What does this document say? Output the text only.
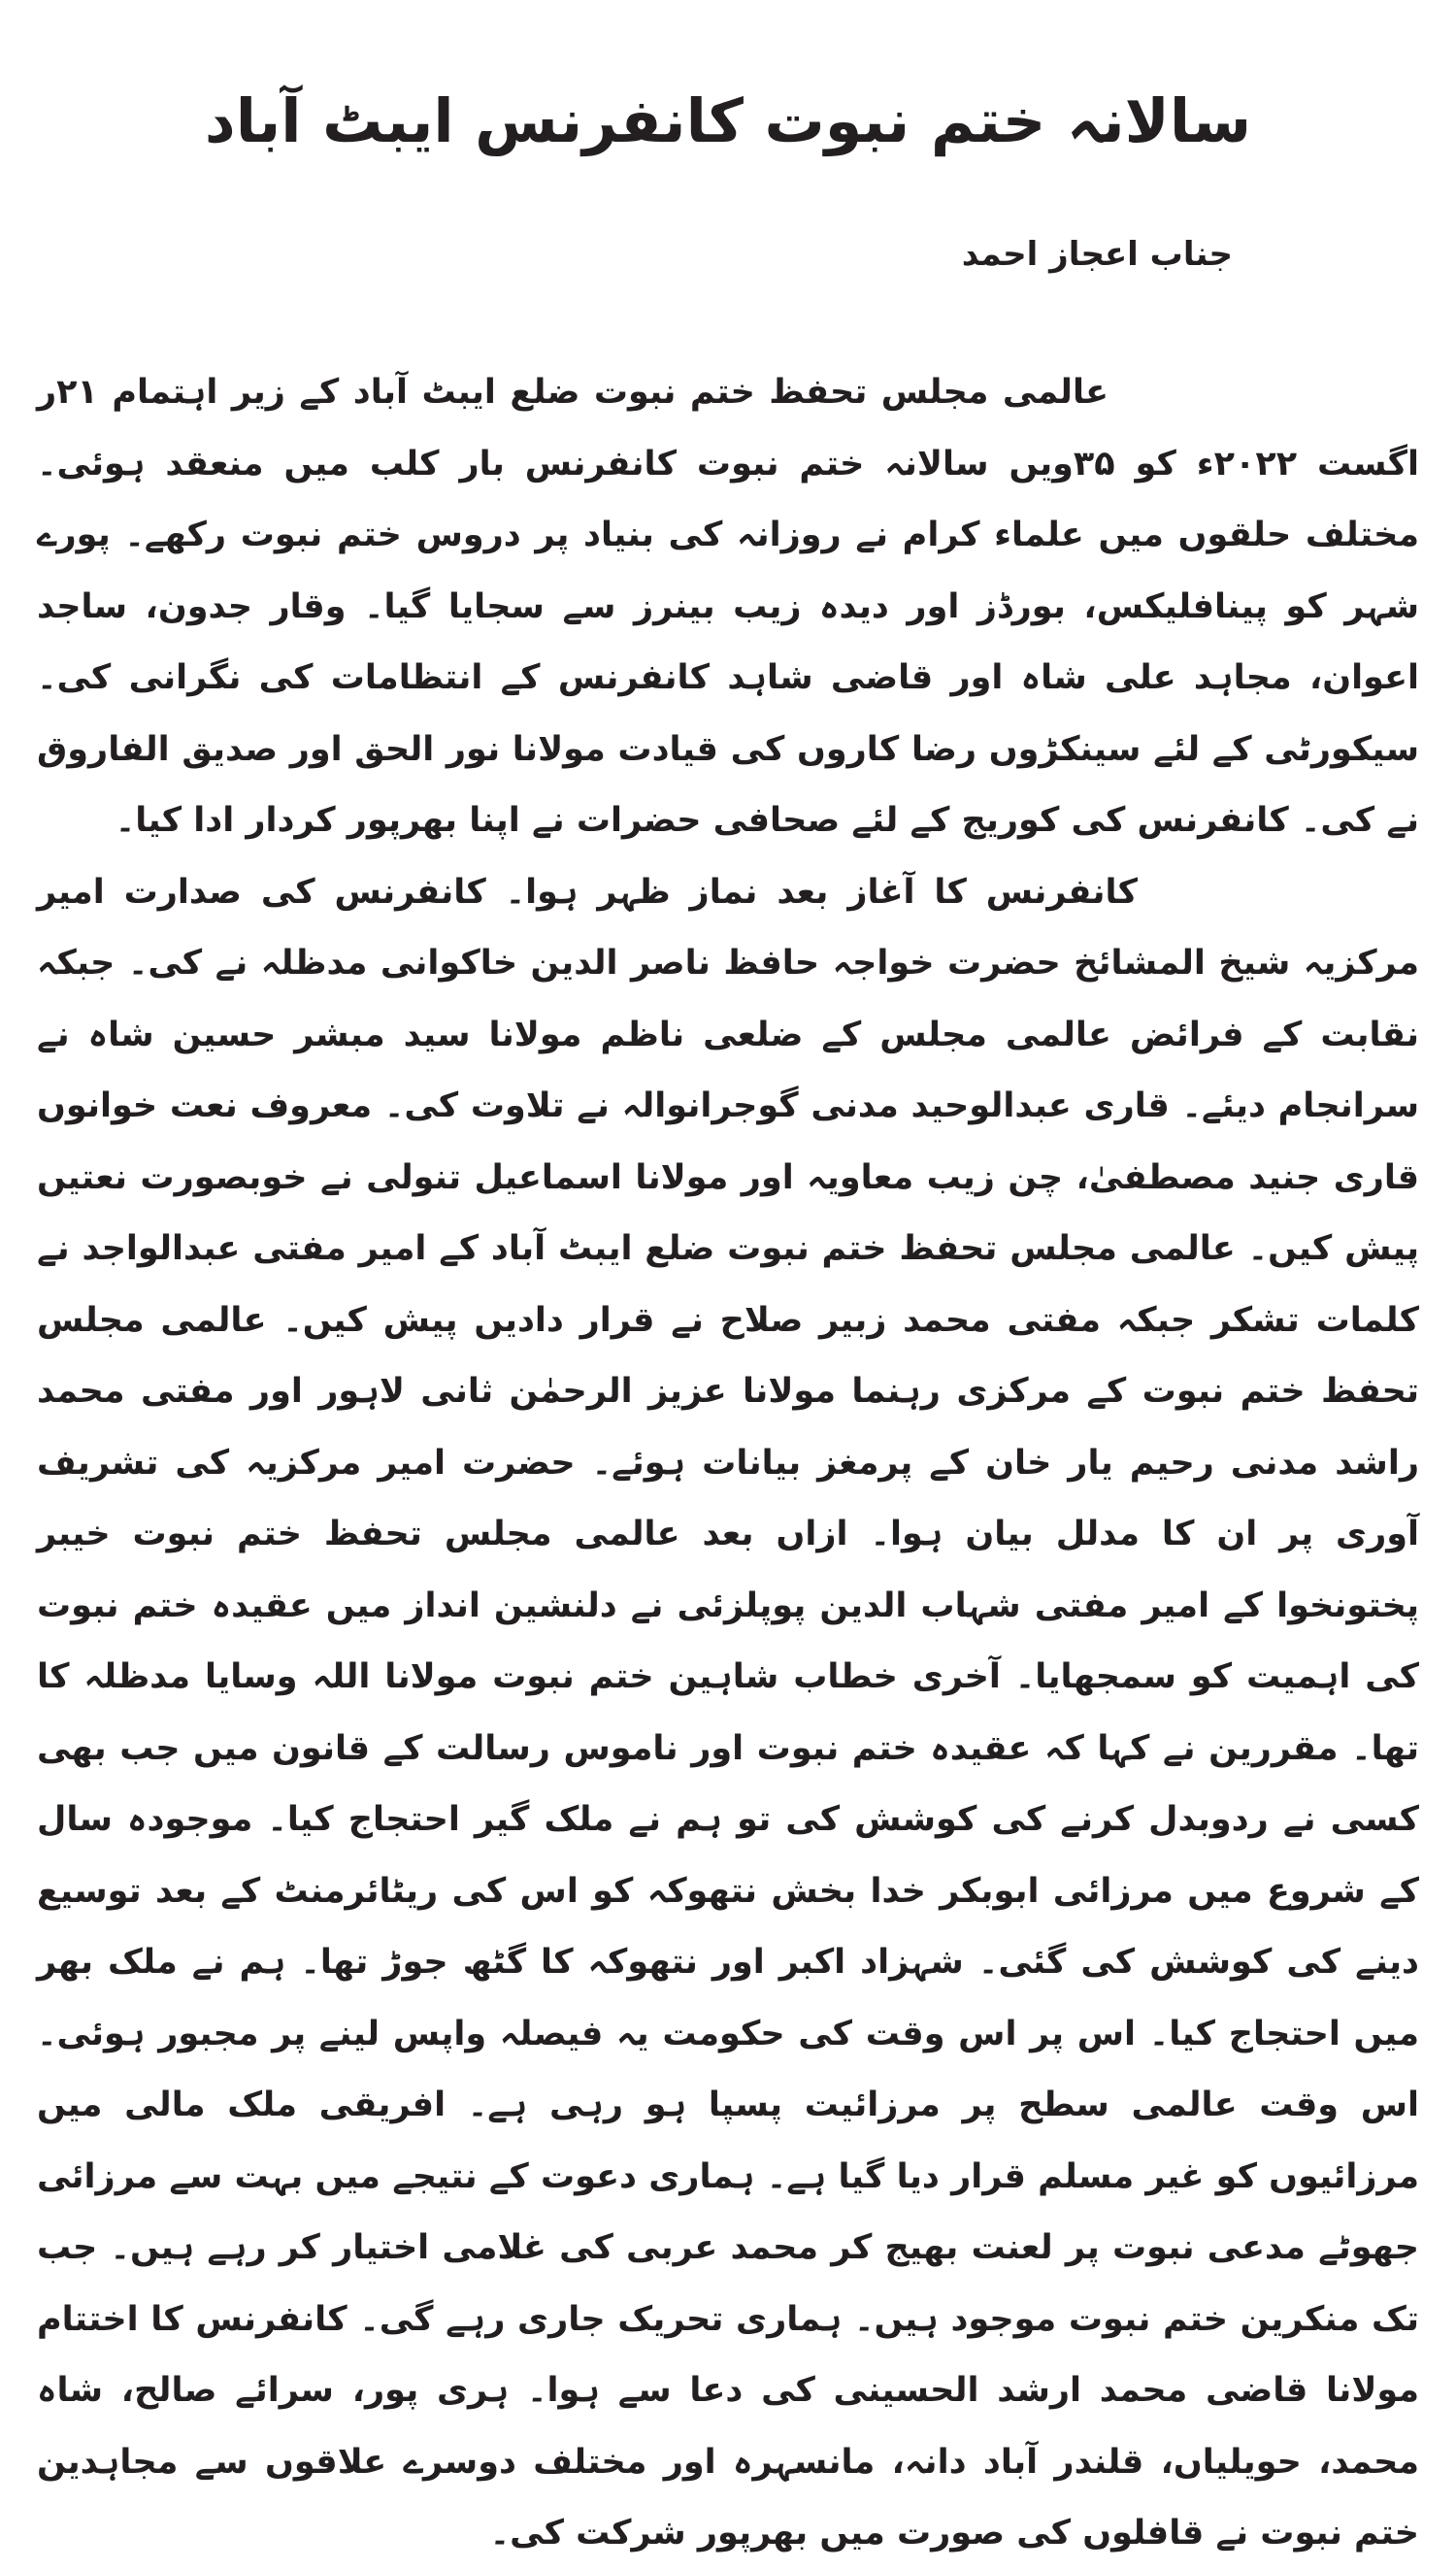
سالانہ ختم نبوت کانفرنس ایبٹ آباد
جناب اعجاز احمد

عالمی مجلس تحفظ ختم نبوت ضلع ایبٹ آباد کے زیر اہتمام ۲۱ر اگست ۲۰۲۲ء کو ۳۵ویں سالانہ ختم نبوت کانفرنس بار کلب میں منعقد ہوئی۔ مختلف حلقوں میں علماء کرام نے روزانہ کی بنیاد پر دروس ختم نبوت رکھے۔ پورے شہر کو پینافلیکس، بورڈز اور دیدہ زیب بینرز سے سجایا گیا۔ وقار جدون، ساجد اعوان، مجاہد علی شاہ اور قاضی شاہد کانفرنس کے انتظامات کی نگرانی کی۔ سیکورٹی کے لئے سینکڑوں رضا کاروں کی قیادت مولانا نور الحق اور صدیق الفاروق نے کی۔ کانفرنس کی کوریج کے لئے صحافی حضرات نے اپنا بھرپور کردار ادا کیا۔

کانفرنس کا آغاز بعد نماز ظہر ہوا۔ کانفرنس کی صدارت امیر مرکزیہ شیخ المشائخ حضرت خواجہ حافظ ناصر الدین خاکوانی مدظلہ نے کی۔ جبکہ نقابت کے فرائض عالمی مجلس کے ضلعی ناظم مولانا سید مبشر حسین شاہ نے سرانجام دیئے۔ قاری عبدالوحید مدنی گوجرانوالہ نے تلاوت کی۔ معروف نعت خوانوں قاری جنید مصطفیٰ، چن زیب معاویہ اور مولانا اسماعیل تنولی نے خوبصورت نعتیں پیش کیں۔ عالمی مجلس تحفظ ختم نبوت ضلع ایبٹ آباد کے امیر مفتی عبدالواجد نے کلمات تشکر جبکہ مفتی محمد زبیر صلاح نے قرار دادیں پیش کیں۔ عالمی مجلس تحفظ ختم نبوت کے مرکزی رہنما مولانا عزیز الرحمٰن ثانی لاہور اور مفتی محمد راشد مدنی رحیم یار خان کے پرمغز بیانات ہوئے۔ حضرت امیر مرکزیہ کی تشریف آوری پر ان کا مدلل بیان ہوا۔ ازاں بعد عالمی مجلس تحفظ ختم نبوت خیبر پختونخوا کے امیر مفتی شہاب الدین پوپلزئی نے دلنشین انداز میں عقیدہ ختم نبوت کی اہمیت کو سمجھایا۔ آخری خطاب شاہین ختم نبوت مولانا اللہ وسایا مدظلہ کا تھا۔ مقررین نے کہا کہ عقیدہ ختم نبوت اور ناموس رسالت کے قانون میں جب بھی کسی نے ردوبدل کرنے کی کوشش کی تو ہم نے ملک گیر احتجاج کیا۔ موجودہ سال کے شروع میں مرزائی ابوبکر خدا بخش نتھوکہ کو اس کی ریٹائرمنٹ کے بعد توسیع دینے کی کوشش کی گئی۔ شہزاد اکبر اور نتھوکہ کا گٹھ جوڑ تھا۔ ہم نے ملک بھر میں احتجاج کیا۔ اس پر اس وقت کی حکومت یہ فیصلہ واپس لینے پر مجبور ہوئی۔ اس وقت عالمی سطح پر مرزائیت پسپا ہو رہی ہے۔ افریقی ملک مالی میں مرزائیوں کو غیر مسلم قرار دیا گیا ہے۔ ہماری دعوت کے نتیجے میں بہت سے مرزائی جھوٹے مدعی نبوت پر لعنت بھیج کر محمد عربی کی غلامی اختیار کر رہے ہیں۔ جب تک منکرین ختم نبوت موجود ہیں۔ ہماری تحریک جاری رہے گی۔ کانفرنس کا اختتام مولانا قاضی محمد ارشد الحسینی کی دعا سے ہوا۔ ہری پور، سرائے صالح، شاہ محمد، حویلیاں، قلندر آباد دانہ، مانسہرہ اور مختلف دوسرے علاقوں سے مجاہدین ختم نبوت نے قافلوں کی صورت میں بھرپور شرکت کی۔
